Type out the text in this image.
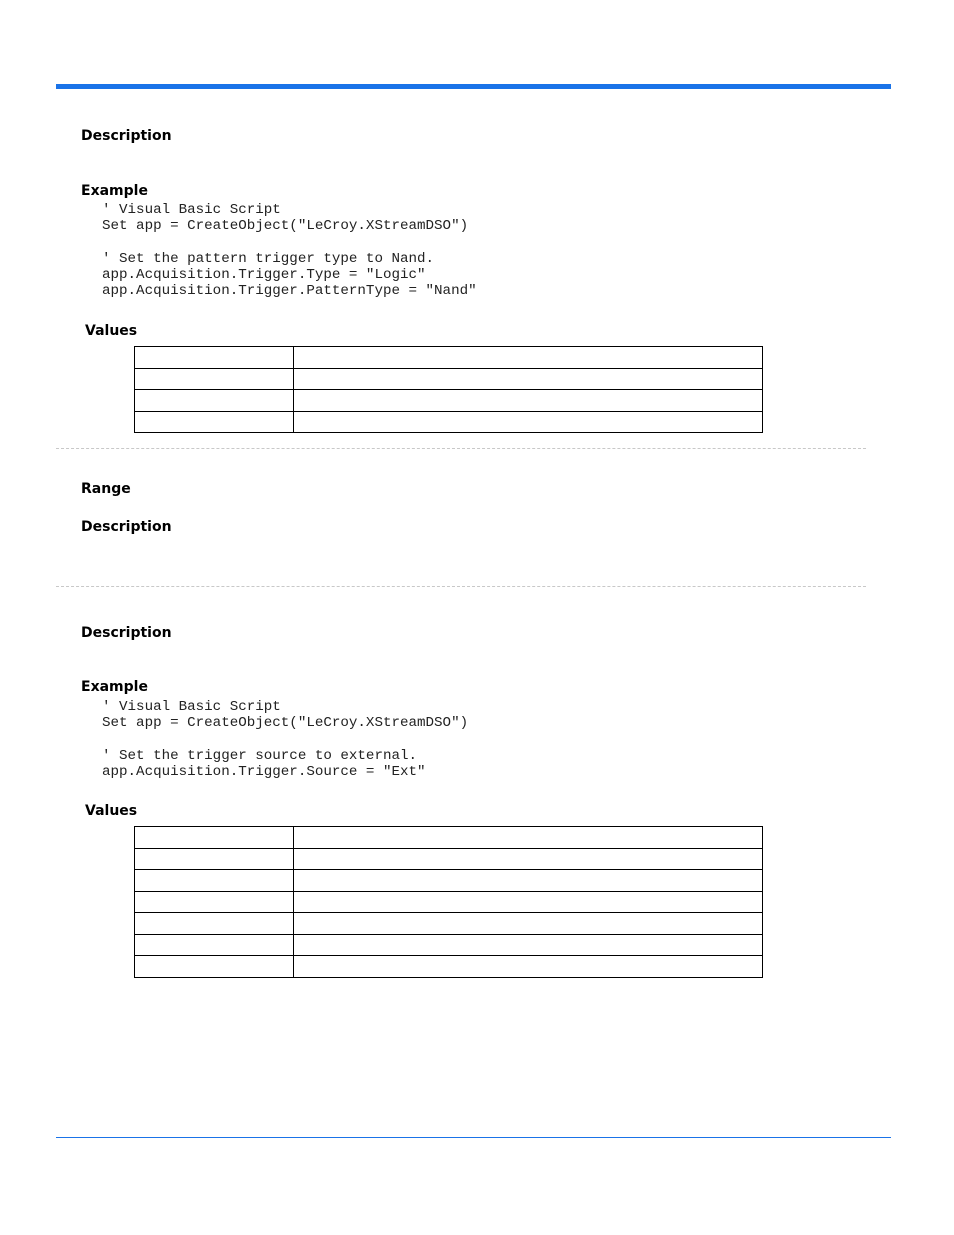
Description
Example
' Visual Basic Script
Set app = CreateObject("LeCroy.XStreamDSO")

' Set the pattern trigger type to Nand.
app.Acquisition.Trigger.Type = "Logic"
app.Acquisition.Trigger.PatternType = "Nand"
Values

Range
Description
Description
Example
' Visual Basic Script
Set app = CreateObject("LeCroy.XStreamDSO")

' Set the trigger source to external.
app.Acquisition.Trigger.Source = "Ext"
Values
